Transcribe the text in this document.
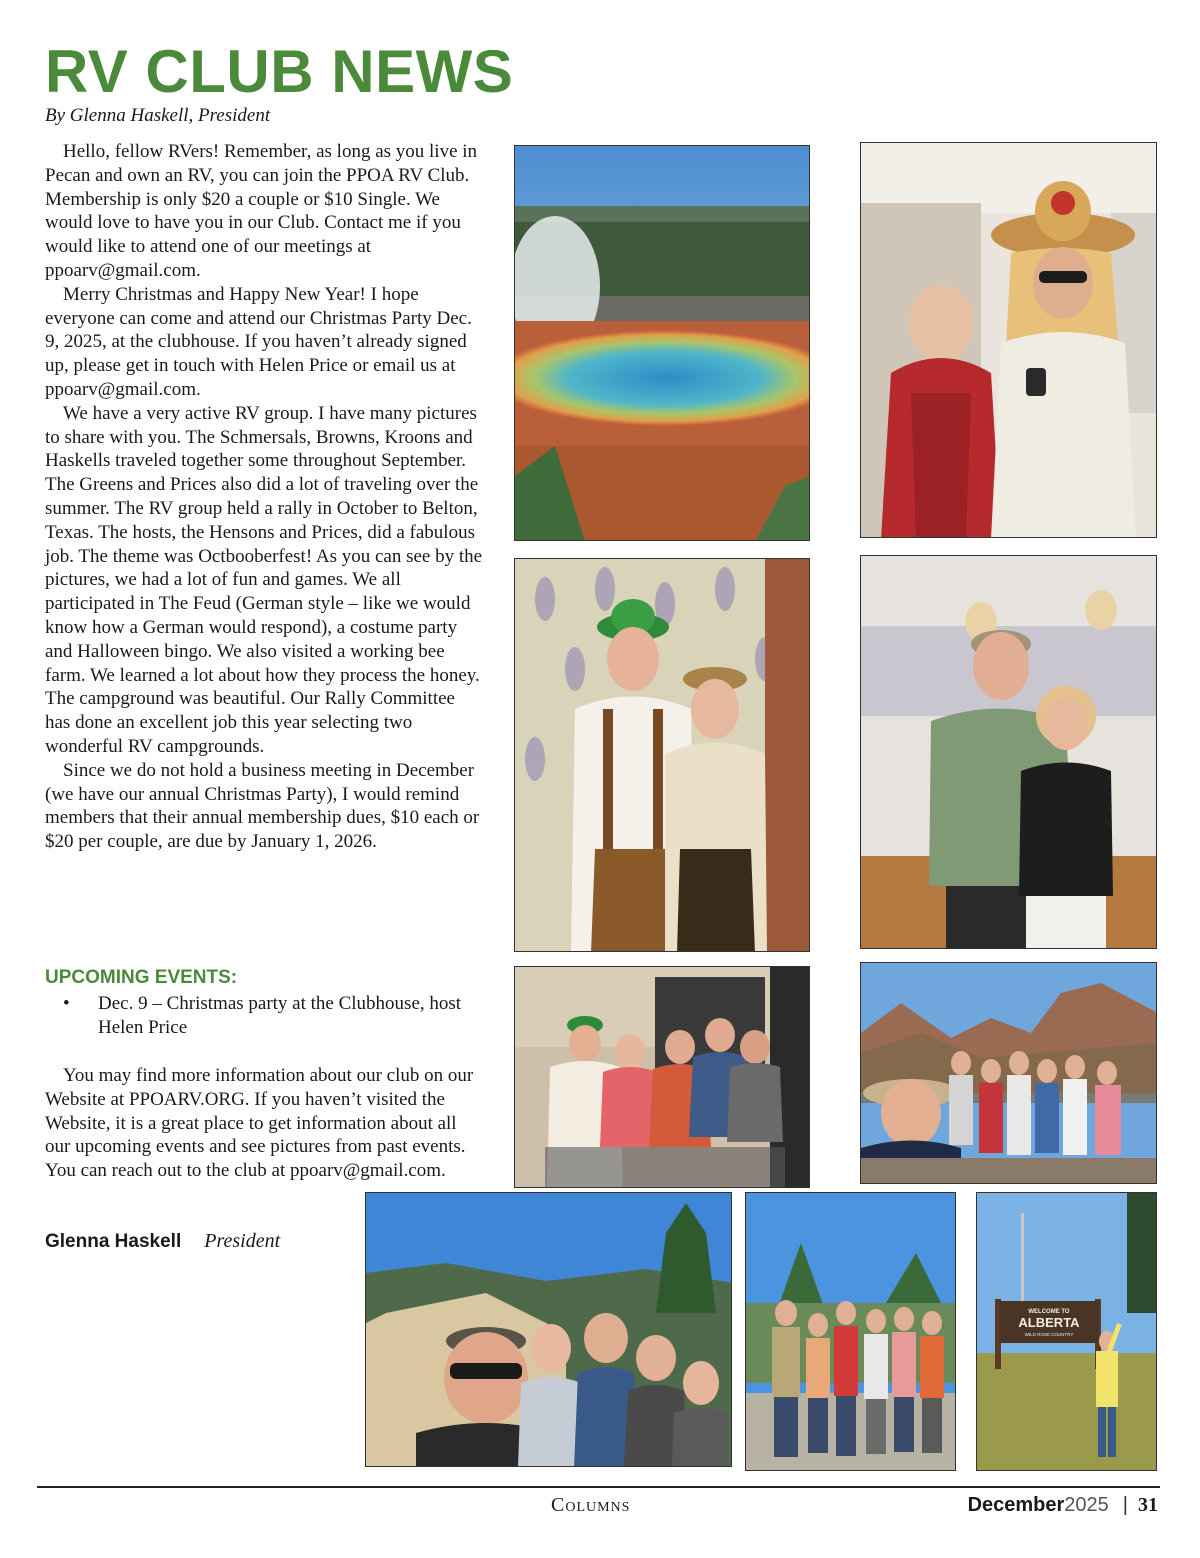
RV CLUB NEWS
By Glenna Haskell, President

Hello, fellow RVers! Remember, as long as you live in Pecan and own an RV, you can join the PPOA RV Club. Membership is only $20 a couple or $10 Single. We would love to have you in our Club. Contact me if you would like to attend one of our meetings at ppoarv@gmail.com.

Merry Christmas and Happy New Year! I hope everyone can come and attend our Christmas Party Dec. 9, 2025, at the clubhouse. If you haven’t already signed up, please get in touch with Helen Price or email us at ppoarv@gmail.com.

We have a very active RV group. I have many pictures to share with you. The Schmersals, Browns, Kroons and Haskells traveled together some throughout September. The Greens and Prices also did a lot of traveling over the summer. The RV group held a rally in October to Belton, Texas. The hosts, the Hensons and Prices, did a fabulous job. The theme was Octbooberfest! As you can see by the pictures, we had a lot of fun and games. We all participated in The Feud (German style – like we would know how a German would respond), a costume party and Halloween bingo. We also visited a working bee farm. We learned a lot about how they process the honey. The campground was beautiful. Our Rally Committee has done an excellent job this year selecting two wonderful RV campgrounds.

Since we do not hold a business meeting in December (we have our annual Christmas Party), I would remind members that their annual membership dues, $10 each or $20 per couple, are due by January 1, 2026.

UPCOMING EVENTS:
• Dec. 9 – Christmas party at the Clubhouse, host Helen Price
You may find more information about our club on our Website at PPOARV.ORG. If you haven’t visited the Website, it is a great place to get information about all our upcoming events and see pictures from past events. You can reach out to the club at ppoarv@gmail.com.
Glenna Haskell President
WELCOME TO
ALBERTA
WILD ROSE COUNTRY
Columns	December2025 | 31
